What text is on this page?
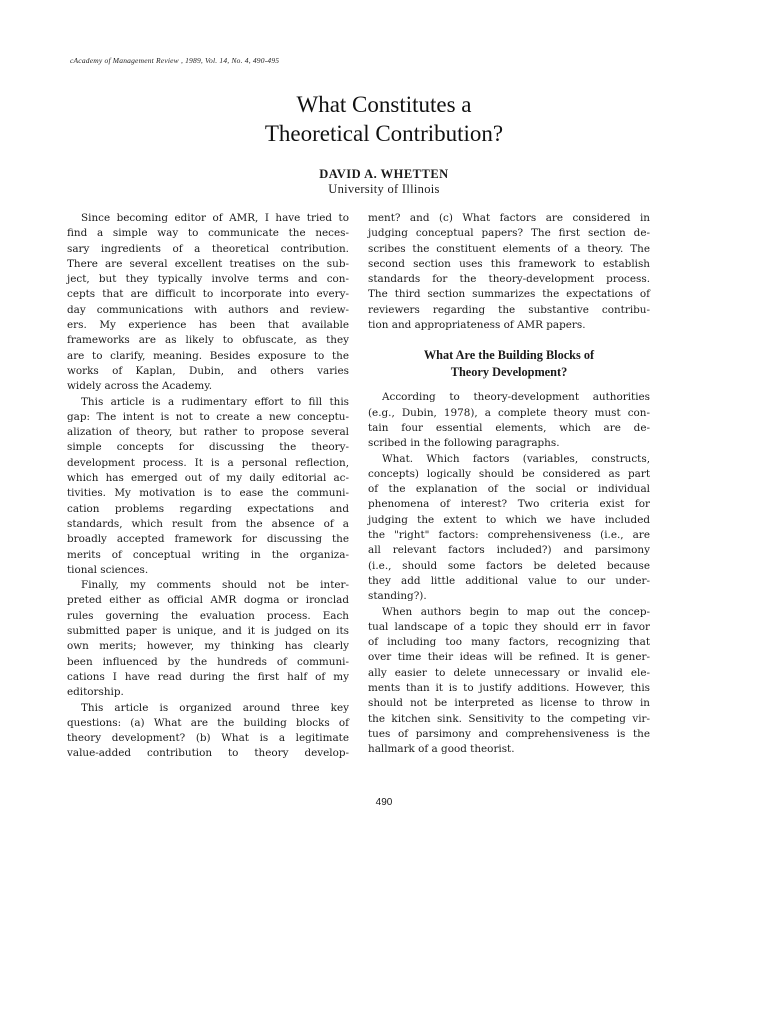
cAcademy of Management Review , 1989, Vol. 14, No. 4, 490-495
What Constitutes a
Theoretical Contribution?
DAVID A. WHETTEN
University of Illinois
Since becoming editor of AMR, I have tried to
find a simple way to communicate the neces-
sary ingredients of a theoretical contribution.
There are several excellent treatises on the sub-
ject, but they typically involve terms and con-
cepts that are difficult to incorporate into every-
day communications with authors and review-
ers. My experience has been that available
frameworks are as likely to obfuscate, as they
are to clarify, meaning. Besides exposure to the
works of Kaplan, Dubin, and others varies
widely across the Academy.
This article is a rudimentary effort to fill this
gap: The intent is not to create a new conceptu-
alization of theory, but rather to propose several
simple concepts for discussing the theory-
development process. It is a personal reflection,
which has emerged out of my daily editorial ac-
tivities. My motivation is to ease the communi-
cation problems regarding expectations and
standards, which result from the absence of a
broadly accepted framework for discussing the
merits of conceptual writing in the organiza-
tional sciences.
Finally, my comments should not be inter-
preted either as official AMR dogma or ironclad
rules governing the evaluation process. Each
submitted paper is unique, and it is judged on its
own merits; however, my thinking has clearly
been influenced by the hundreds of communi-
cations I have read during the first half of my
editorship.
This article is organized around three key
questions: (a) What are the building blocks of
theory development? (b) What is a legitimate
value-added contribution to theory develop-
ment? and (c) What factors are considered in
judging conceptual papers? The first section de-
scribes the constituent elements of a theory. The
second section uses this framework to establish
standards for the theory-development process.
The third section summarizes the expectations of
reviewers regarding the substantive contribu-
tion and appropriateness of AMR papers.
What Are the Building Blocks of
Theory Development?
According to theory-development authorities
(e.g., Dubin, 1978), a complete theory must con-
tain four essential elements, which are de-
scribed in the following paragraphs.
What. Which factors (variables, constructs,
concepts) logically should be considered as part
of the explanation of the social or individual
phenomena of interest? Two criteria exist for
judging the extent to which we have included
the "right" factors: comprehensiveness (i.e., are
all relevant factors included?) and parsimony
(i.e., should some factors be deleted because
they add little additional value to our under-
standing?).
When authors begin to map out the concep-
tual landscape of a topic they should err in favor
of including too many factors, recognizing that
over time their ideas will be refined. It is gener-
ally easier to delete unnecessary or invalid ele-
ments than it is to justify additions. However, this
should not be interpreted as license to throw in
the kitchen sink. Sensitivity to the competing vir-
tues of parsimony and comprehensiveness is the
hallmark of a good theorist.
490
